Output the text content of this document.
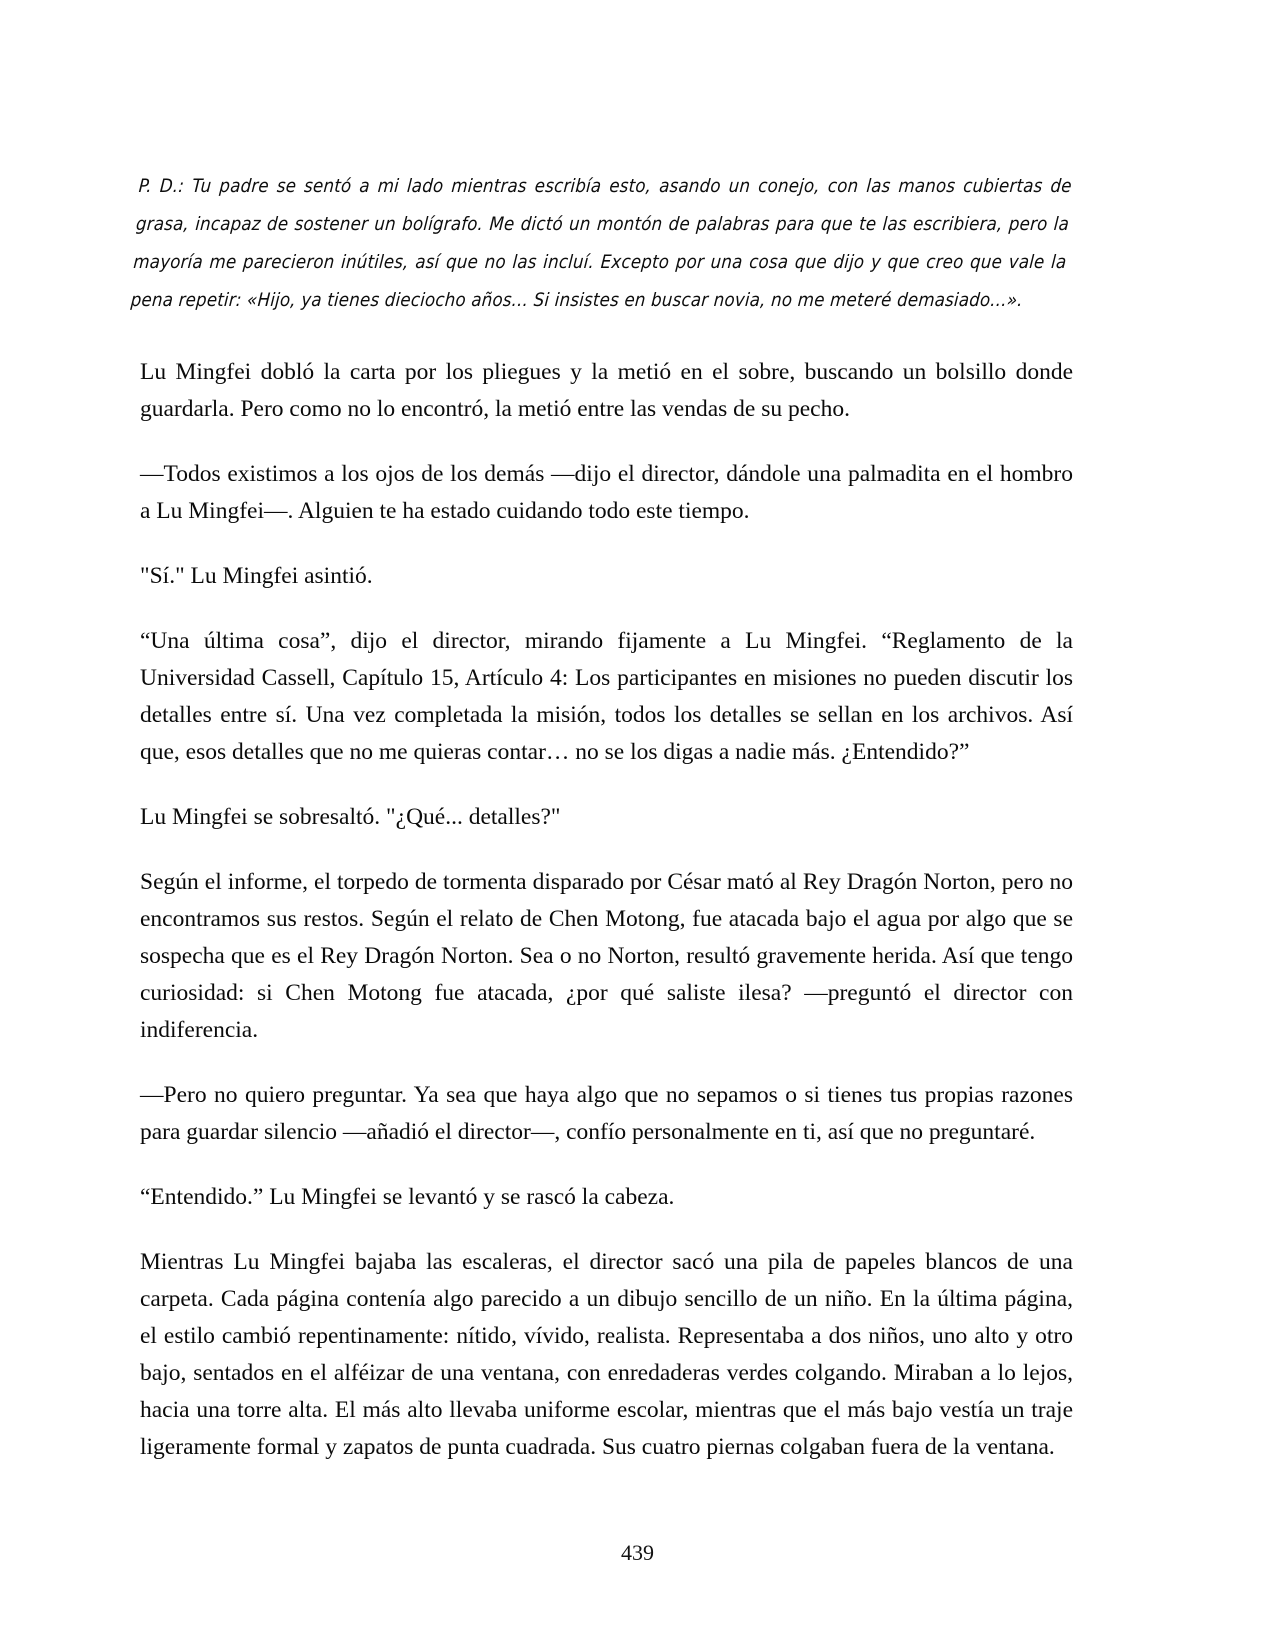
P. D.: Tu padre se sentó a mi lado mientras escribía esto, asando un conejo, con las manos cubiertas de grasa, incapaz de sostener un bolígrafo. Me dictó un montón de palabras para que te las escribiera, pero la mayoría me parecieron inútiles, así que no las incluí. Excepto por una cosa que dijo y que creo que vale la pena repetir: «Hijo, ya tienes dieciocho años... Si insistes en buscar novia, no me meteré demasiado...».

Lu Mingfei dobló la carta por los pliegues y la metió en el sobre, buscando un bolsillo donde guardarla. Pero como no lo encontró, la metió entre las vendas de su pecho.

—Todos existimos a los ojos de los demás —dijo el director, dándole una palmadita en el hombro a Lu Mingfei—. Alguien te ha estado cuidando todo este tiempo.

"Sí." Lu Mingfei asintió.

“Una última cosa”, dijo el director, mirando fijamente a Lu Mingfei. “Reglamento de la Universidad Cassell, Capítulo 15, Artículo 4: Los participantes en misiones no pueden discutir los detalles entre sí. Una vez completada la misión, todos los detalles se sellan en los archivos. Así que, esos detalles que no me quieras contar… no se los digas a nadie más. ¿Entendido?”

Lu Mingfei se sobresaltó. "¿Qué... detalles?"

Según el informe, el torpedo de tormenta disparado por César mató al Rey Dragón Norton, pero no encontramos sus restos. Según el relato de Chen Motong, fue atacada bajo el agua por algo que se sospecha que es el Rey Dragón Norton. Sea o no Norton, resultó gravemente herida. Así que tengo curiosidad: si Chen Motong fue atacada, ¿por qué saliste ilesa? —preguntó el director con indiferencia.

—Pero no quiero preguntar. Ya sea que haya algo que no sepamos o si tienes tus propias razones para guardar silencio —añadió el director—, confío personalmente en ti, así que no preguntaré.

“Entendido.” Lu Mingfei se levantó y se rascó la cabeza.

Mientras Lu Mingfei bajaba las escaleras, el director sacó una pila de papeles blancos de una carpeta. Cada página contenía algo parecido a un dibujo sencillo de un niño. En la última página, el estilo cambió repentinamente: nítido, vívido, realista. Representaba a dos niños, uno alto y otro bajo, sentados en el alféizar de una ventana, con enredaderas verdes colgando. Miraban a lo lejos, hacia una torre alta. El más alto llevaba uniforme escolar, mientras que el más bajo vestía un traje ligeramente formal y zapatos de punta cuadrada. Sus cuatro piernas colgaban fuera de la ventana.

439
